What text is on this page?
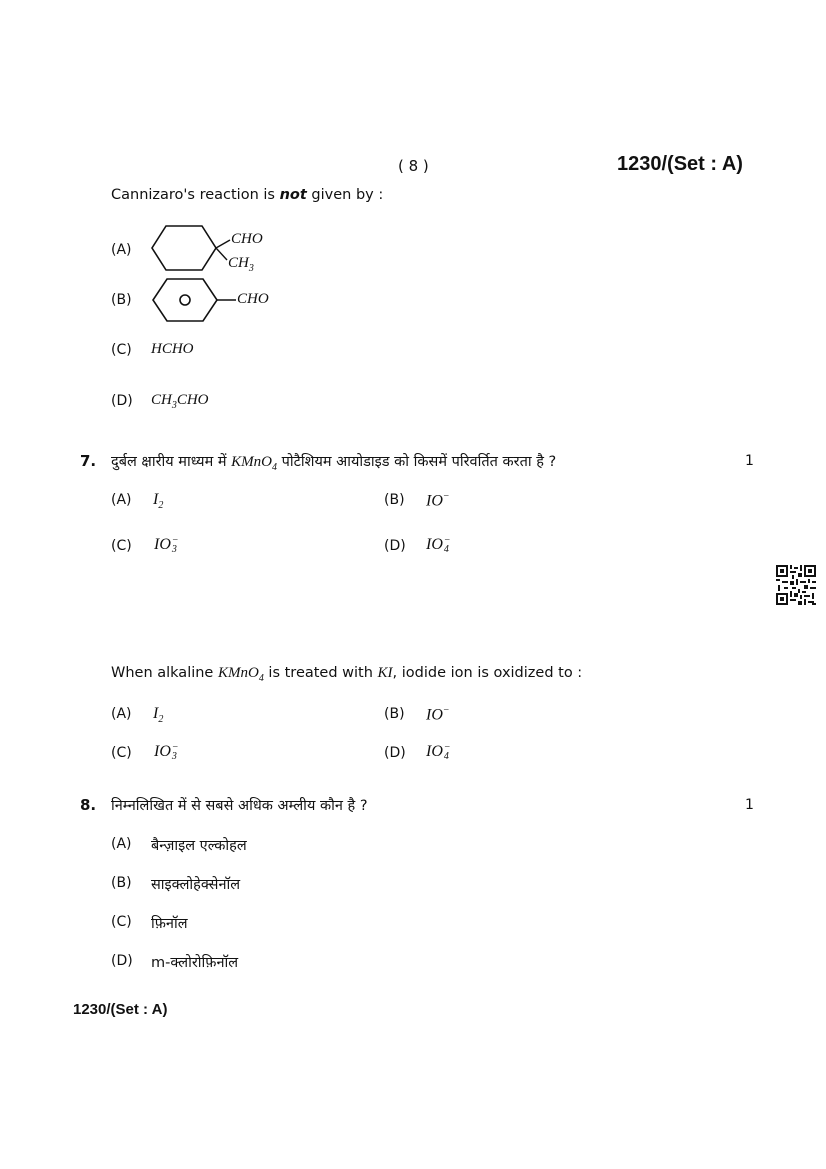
( 8 )	1230/(Set : A)
Cannizaro's reaction is not given by :
(A)
CHO
$CH_3$
(B)	CHO
(C) HCHO
(D) $CH_3CHO$
7. दुर्बल क्षारीय माध्यम में KMnO$_4$ पोटैशियम आयोडाइड को किसमें परिवर्तित करता है ?	1
(A) $I_2$	(B) IO−
(C) IO −
3	(D) IO −
4
When alkaline KMnO$_4$ is treated with KI, iodide ion is oxidized to :
(A) $I_2$	(B) IO−
(C) IO −
3	(D) IO −
4
8. निम्नलिखित में से सबसे अधिक अम्लीय कौन है ?	1
(A) बैन्ज़ाइल एल्कोहल
(B) साइक्लोहेक्सेनॉल
(C) फ़िनॉल
(D) m-क्लोरोफ़िनॉल
1230/(Set : A)
